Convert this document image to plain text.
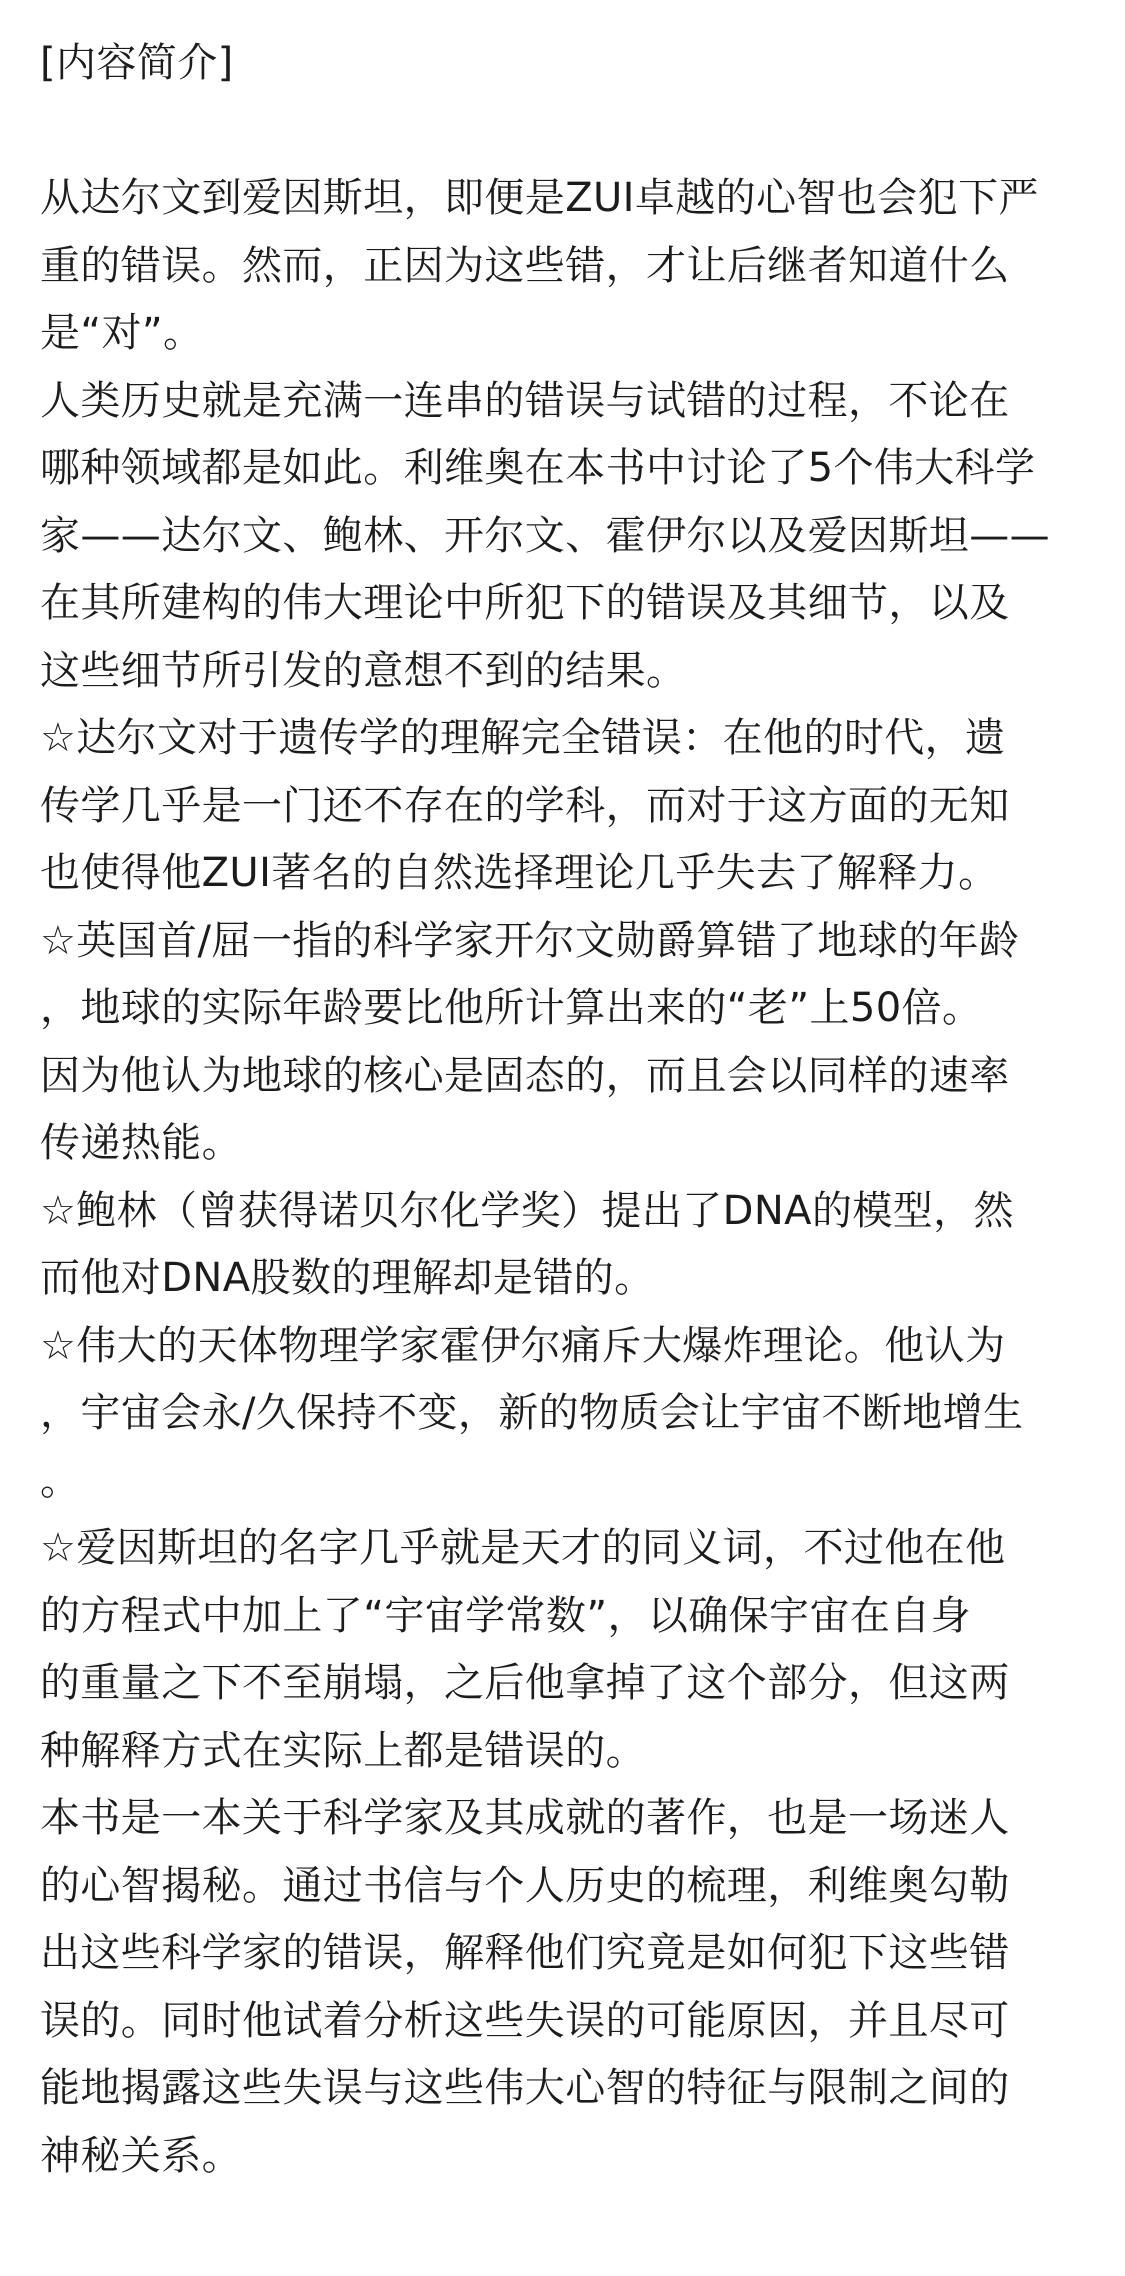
[内容简介]
从达尔文到爱因斯坦，即便是ZUI卓越的心智也会犯下严
重的错误。然而，正因为这些错，才让后继者知道什么
是“对”。
人类历史就是充满一连串的错误与试错的过程，不论在
哪种领域都是如此。利维奥在本书中讨论了5个伟大科学
家——达尔文、鲍林、开尔文、霍伊尔以及爱因斯坦——
在其所建构的伟大理论中所犯下的错误及其细节，以及
这些细节所引发的意想不到的结果。
☆达尔文对于遗传学的理解完全错误：在他的时代，遗
传学几乎是一门还不存在的学科，而对于这方面的无知
也使得他ZUI著名的自然选择理论几乎失去了解释力。
☆英国首/屈一指的科学家开尔文勋爵算错了地球的年龄
，地球的实际年龄要比他所计算出来的“老”上50倍。
因为他认为地球的核心是固态的，而且会以同样的速率
传递热能。
☆鲍林（曾获得诺贝尔化学奖）提出了DNA的模型，然
而他对DNA股数的理解却是错的。
☆伟大的天体物理学家霍伊尔痛斥大爆炸理论。他认为
，宇宙会永/久保持不变，新的物质会让宇宙不断地增生
。
☆爱因斯坦的名字几乎就是天才的同义词，不过他在他
的方程式中加上了“宇宙学常数”，以确保宇宙在自身
的重量之下不至崩塌，之后他拿掉了这个部分，但这两
种解释方式在实际上都是错误的。
本书是一本关于科学家及其成就的著作，也是一场迷人
的心智揭秘。通过书信与个人历史的梳理，利维奥勾勒
出这些科学家的错误，解释他们究竟是如何犯下这些错
误的。同时他试着分析这些失误的可能原因，并且尽可
能地揭露这些失误与这些伟大心智的特征与限制之间的
神秘关系。
